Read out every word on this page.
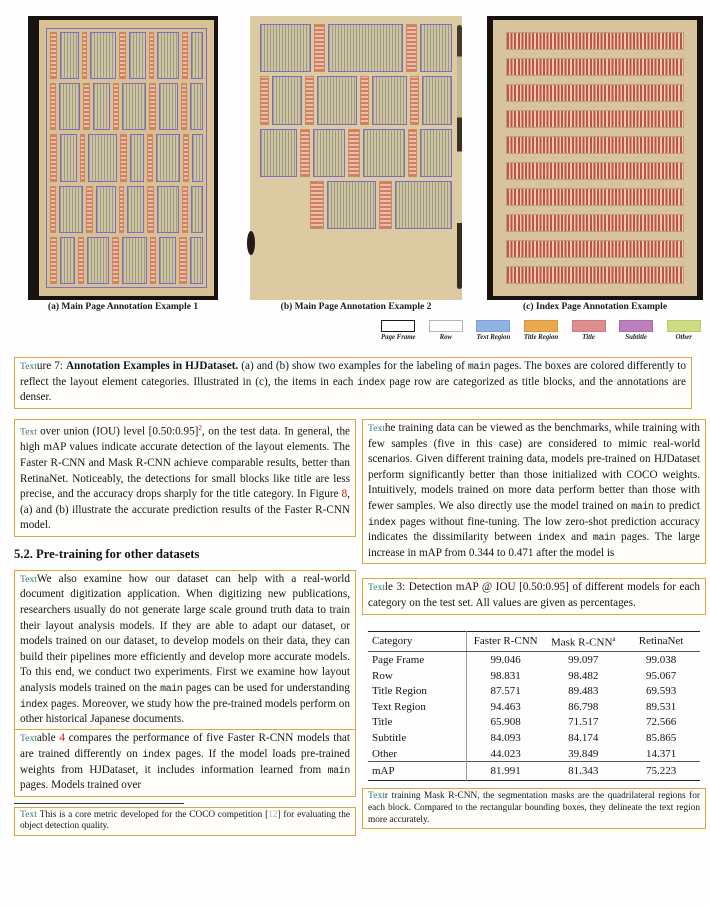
(a) Main Page Annotation Example 1	(b) Main Page Annotation Example 2	(c) Index Page Annotation Example
Page Frame	Row	Text Region	Title Region	Title	Subtitle	Other
Texture 7: Annotation Examples in HJDataset. (a) and (b) show two examples for the labeling of main pages. The boxes are colored differently to reflect the layout element categories. Illustrated in (c), the items in each index page row are categorized as title blocks, and the annotations are denser.
Text over union (IOU) level [0.50:0.95]$^2$, on the test data. In general, the high mAP values indicate accurate detection of the layout elements. The Faster R-CNN and Mask R-CNN achieve comparable results, better than RetinaNet. Noticeably, the detections for small blocks like title are less precise, and the accuracy drops sharply for the title category. In Figure 8, (a) and (b) illustrate the accurate prediction results of the Faster R-CNN model.
5.2. Pre-training for other datasets
TextWe also examine how our dataset can help with a real-world document digitization application. When digitizing new publications, researchers usually do not generate large scale ground truth data to train their layout analysis models. If they are able to adapt our dataset, or models trained on our dataset, to develop models on their data, they can build their pipelines more efficiently and develop more accurate models. To this end, we conduct two experiments. First we examine how layout analysis models trained on the main pages can be used for understanding index pages. Moreover, we study how the pre-trained models perform on other historical Japanese documents.
Textable 4 compares the performance of five Faster R-CNN models that are trained differently on index pages. If the model loads pre-trained weights from HJDataset, it includes information learned from main pages. Models trained over
Text This is a core metric developed for the COCO competition [12] for evaluating the object detection quality.
Texthe training data can be viewed as the benchmarks, while training with few samples (five in this case) are considered to mimic real-world scenarios. Given different training data, models pre-trained on HJDataset perform significantly better than those initialized with COCO weights. Intuitively, models trained on more data perform better than those with fewer samples. We also directly use the model trained on main to predict index pages without fine-tuning. The low zero-shot prediction accuracy indicates the dissimilarity between index and main pages. The large increase in mAP from 0.344 to 0.471 after the model is
Textle 3: Detection mAP @ IOU [0.50:0.95] of different models for each category on the test set. All values are given as percentages.
Category	Faster R-CNN	Mask R-CNN$^a$	RetinaNet
Page Frame	99.046	99.097	99.038
Row	98.831	98.482	95.067
Title Region	87.571	89.483	69.593
Text Region	94.463	86.798	89.531
Title	65.908	71.517	72.566
Subtitle	84.093	84.174	85.865
Other	44.023	39.849	14.371
mAP	81.991	81.343	75.223
Textr training Mask R-CNN, the segmentation masks are the quadrilateral regions for each block. Compared to the rectangular bounding boxes, they delineate the text region more accurately.
